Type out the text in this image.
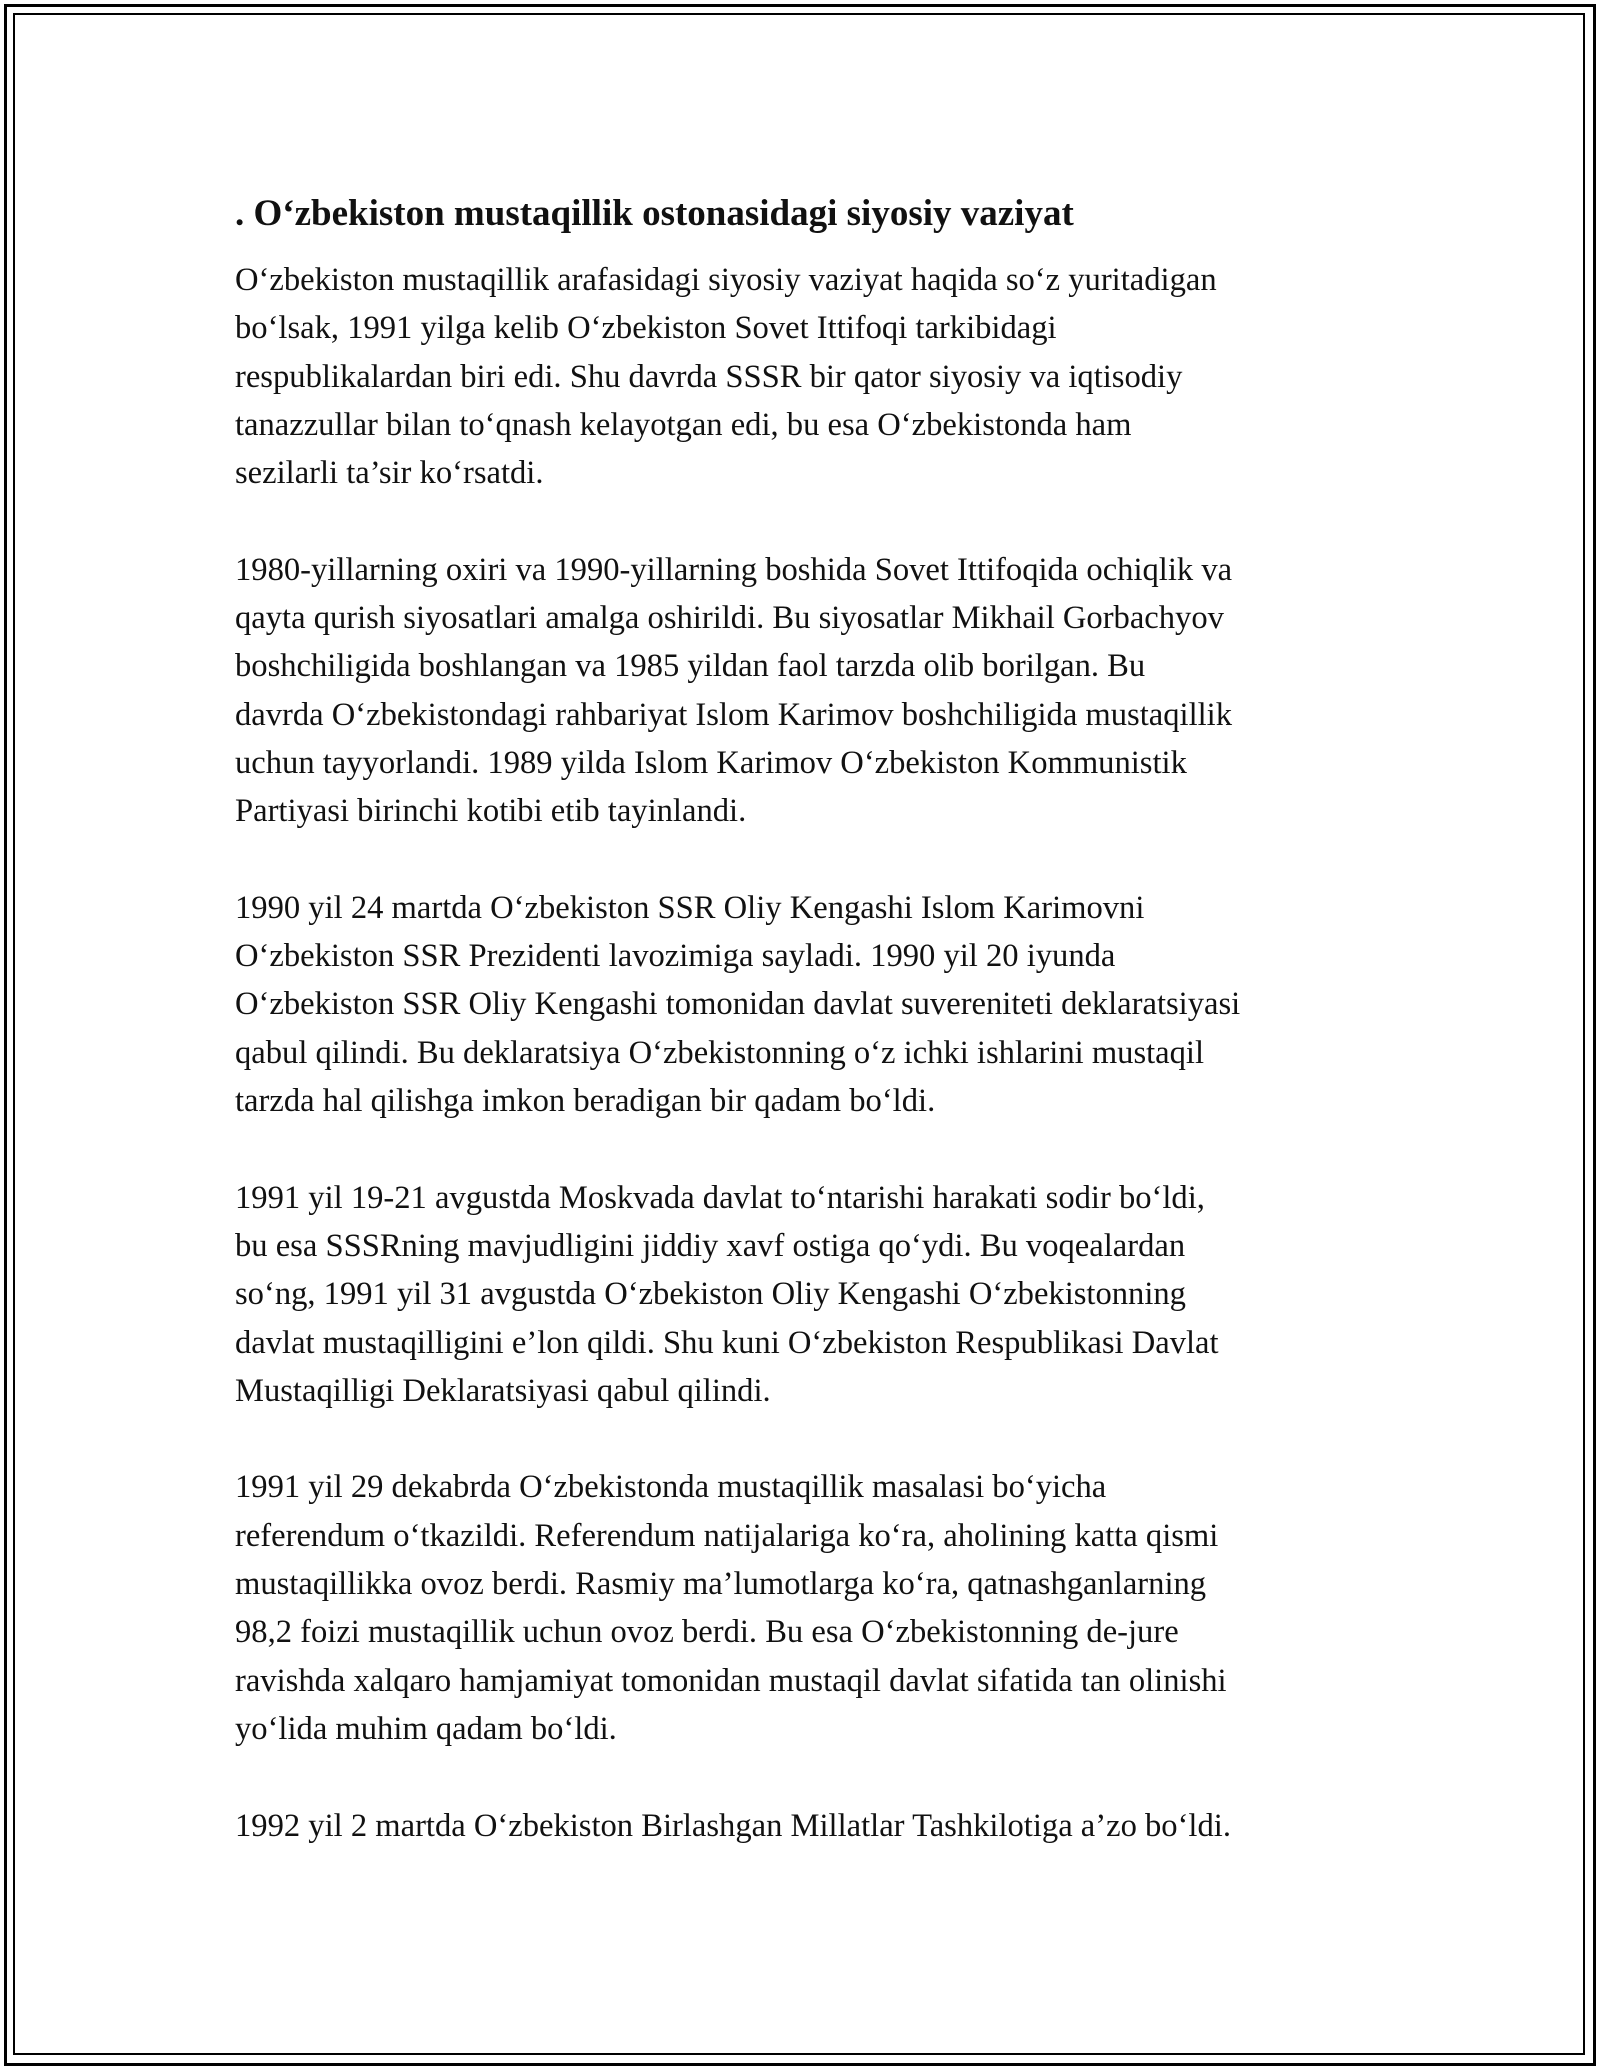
. O‘zbekiston mustaqillik ostonasidagi siyosiy vaziyat
O‘zbekiston mustaqillik arafasidagi siyosiy vaziyat haqida so‘z yuritadigan
bo‘lsak, 1991 yilga kelib O‘zbekiston Sovet Ittifoqi tarkibidagi
respublikalardan biri edi. Shu davrda SSSR bir qator siyosiy va iqtisodiy
tanazzullar bilan to‘qnash kelayotgan edi, bu esa O‘zbekistonda ham
sezilarli ta’sir ko‘rsatdi.
1980-yillarning oxiri va 1990-yillarning boshida Sovet Ittifoqida ochiqlik va
qayta qurish siyosatlari amalga oshirildi. Bu siyosatlar Mikhail Gorbachyov
boshchiligida boshlangan va 1985 yildan faol tarzda olib borilgan. Bu
davrda O‘zbekistondagi rahbariyat Islom Karimov boshchiligida mustaqillik
uchun tayyorlandi. 1989 yilda Islom Karimov O‘zbekiston Kommunistik
Partiyasi birinchi kotibi etib tayinlandi.
1990 yil 24 martda O‘zbekiston SSR Oliy Kengashi Islom Karimovni
O‘zbekiston SSR Prezidenti lavozimiga sayladi. 1990 yil 20 iyunda
O‘zbekiston SSR Oliy Kengashi tomonidan davlat suvereniteti deklaratsiyasi
qabul qilindi. Bu deklaratsiya O‘zbekistonning o‘z ichki ishlarini mustaqil
tarzda hal qilishga imkon beradigan bir qadam bo‘ldi.
1991 yil 19-21 avgustda Moskvada davlat to‘ntarishi harakati sodir bo‘ldi,
bu esa SSSRning mavjudligini jiddiy xavf ostiga qo‘ydi. Bu voqealardan
so‘ng, 1991 yil 31 avgustda O‘zbekiston Oliy Kengashi O‘zbekistonning
davlat mustaqilligini e’lon qildi. Shu kuni O‘zbekiston Respublikasi Davlat
Mustaqilligi Deklaratsiyasi qabul qilindi.
1991 yil 29 dekabrda O‘zbekistonda mustaqillik masalasi bo‘yicha
referendum o‘tkazildi. Referendum natijalariga ko‘ra, aholining katta qismi
mustaqillikka ovoz berdi. Rasmiy ma’lumotlarga ko‘ra, qatnashganlarning
98,2 foizi mustaqillik uchun ovoz berdi. Bu esa O‘zbekistonning de-jure
ravishda xalqaro hamjamiyat tomonidan mustaqil davlat sifatida tan olinishi
yo‘lida muhim qadam bo‘ldi.
1992 yil 2 martda O‘zbekiston Birlashgan Millatlar Tashkilotiga a’zo bo‘ldi.
